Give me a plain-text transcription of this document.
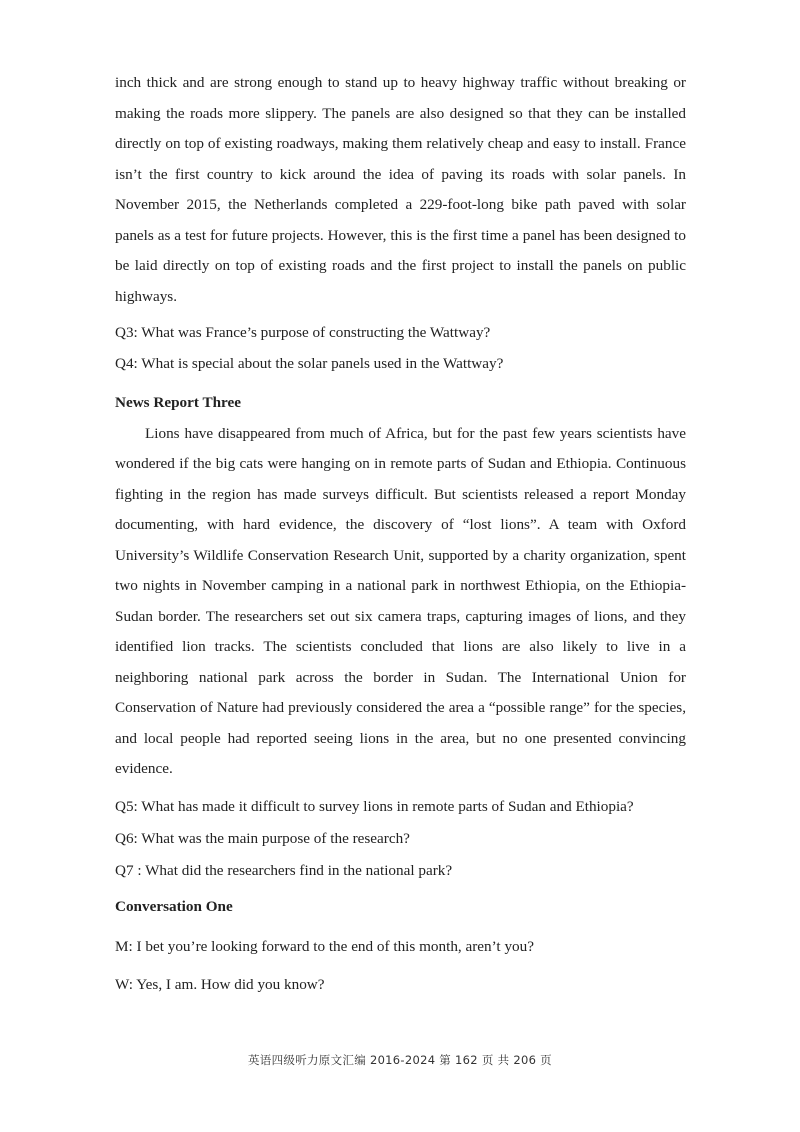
inch thick and are strong enough to stand up to heavy highway traffic without breaking or making the roads more slippery. The panels are also designed so that they can be installed directly on top of existing roadways, making them relatively cheap and easy to install. France isn’t the first country to kick around the idea of paving its roads with solar panels. In November 2015, the Netherlands completed a 229-foot-long bike path paved with solar panels as a test for future projects. However, this is the first time a panel has been designed to be laid directly on top of existing roads and the first project to install the panels on public highways.

Q3: What was France’s purpose of constructing the Wattway?

Q4: What is special about the solar panels used in the Wattway?

News Report Three

Lions have disappeared from much of Africa, but for the past few years scientists have wondered if the big cats were hanging on in remote parts of Sudan and Ethiopia. Continuous fighting in the region has made surveys difficult. But scientists released a report Monday documenting, with hard evidence, the discovery of “lost lions”. A team with Oxford University’s Wildlife Conservation Research Unit, supported by a charity organization, spent two nights in November camping in a national park in northwest Ethiopia, on the Ethiopia-Sudan border. The researchers set out six camera traps, capturing images of lions, and they identified lion tracks. The scientists concluded that lions are also likely to live in a neighboring national park across the border in Sudan. The International Union for Conservation of Nature had previously considered the area a “possible range” for the species, and local people had reported seeing lions in the area, but no one presented convincing evidence.

Q5: What has made it difficult to survey lions in remote parts of Sudan and Ethiopia?

Q6: What was the main purpose of the research?

Q7 : What did the researchers find in the national park?

Conversation One

M: I bet you’re looking forward to the end of this month, aren’t you?

W: Yes, I am. How did you know?

英语四级听力原文汇编 2016-2024 第 162 页 共 206 页
